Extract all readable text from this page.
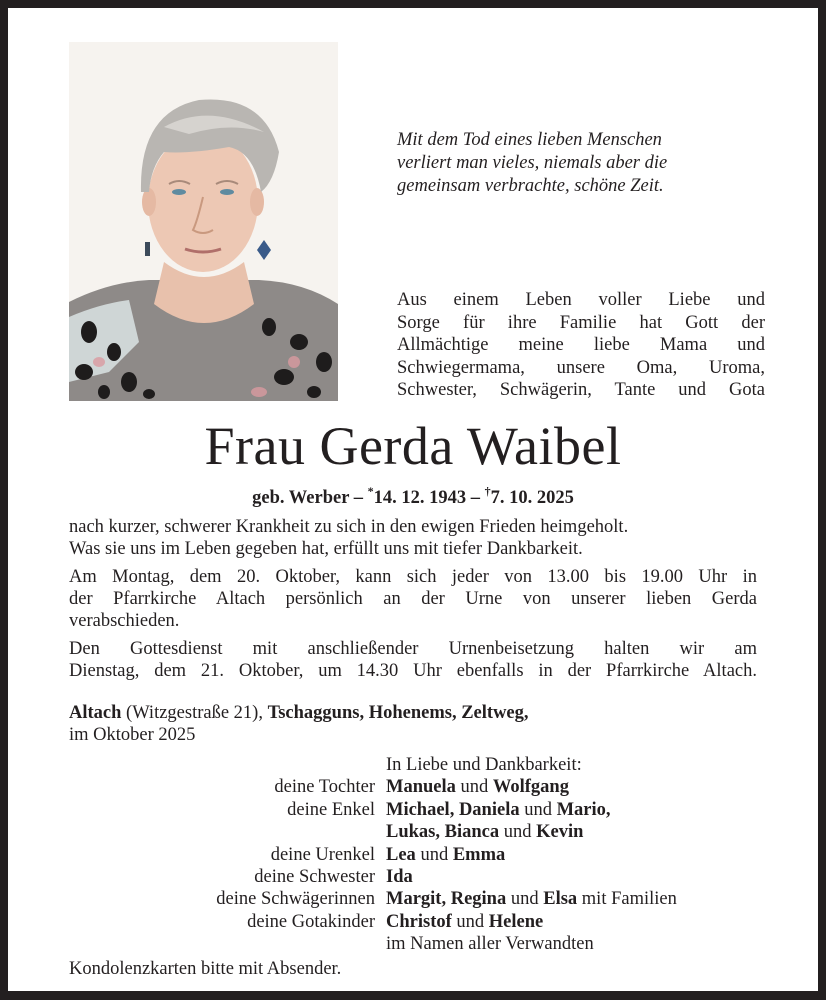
Mit dem Tod eines lieben Menschen
verliert man vieles, niemals aber die
gemeinsam verbrachte, schöne Zeit.
Aus einem Leben voller Liebe und
Sorge für ihre Familie hat Gott der
Allmächtige meine liebe Mama und
Schwiegermama, unsere Oma, Uroma,
Schwester, Schwägerin, Tante und Gota
Frau Gerda Waibel
geb. Werber – *14. 12. 1943 – †7. 10. 2025

nach kurzer, schwerer Krankheit zu sich in den ewigen Frieden heimgeholt.
Was sie uns im Leben gegeben hat, erfüllt uns mit tiefer Dankbarkeit.

Am Montag, dem 20. Oktober, kann sich jeder von 13.00 bis 19.00 Uhr in
der Pfarrkirche Altach persönlich an der Urne von unserer lieben Gerda
verabschieden.

Den Gottesdienst mit anschließender Urnenbeisetzung halten wir am
Dienstag, dem 21. Oktober, um 14.30 Uhr ebenfalls in der Pfarrkirche Altach.

Altach (Witzgestraße 21), Tschagguns, Hohenems, Zeltweg,
im Oktober 2025
In Liebe und Dankbarkeit:
deine Tochter Manuela und Wolfgang
deine Enkel Michael, Daniela und Mario,
Lukas, Bianca und Kevin
deine Urenkel Lea und Emma
deine Schwester Ida
deine Schwägerinnen Margit, Regina und Elsa mit Familien
deine Gotakinder Christof und Helene
im Namen aller Verwandten
Kondolenzkarten bitte mit Absender.
